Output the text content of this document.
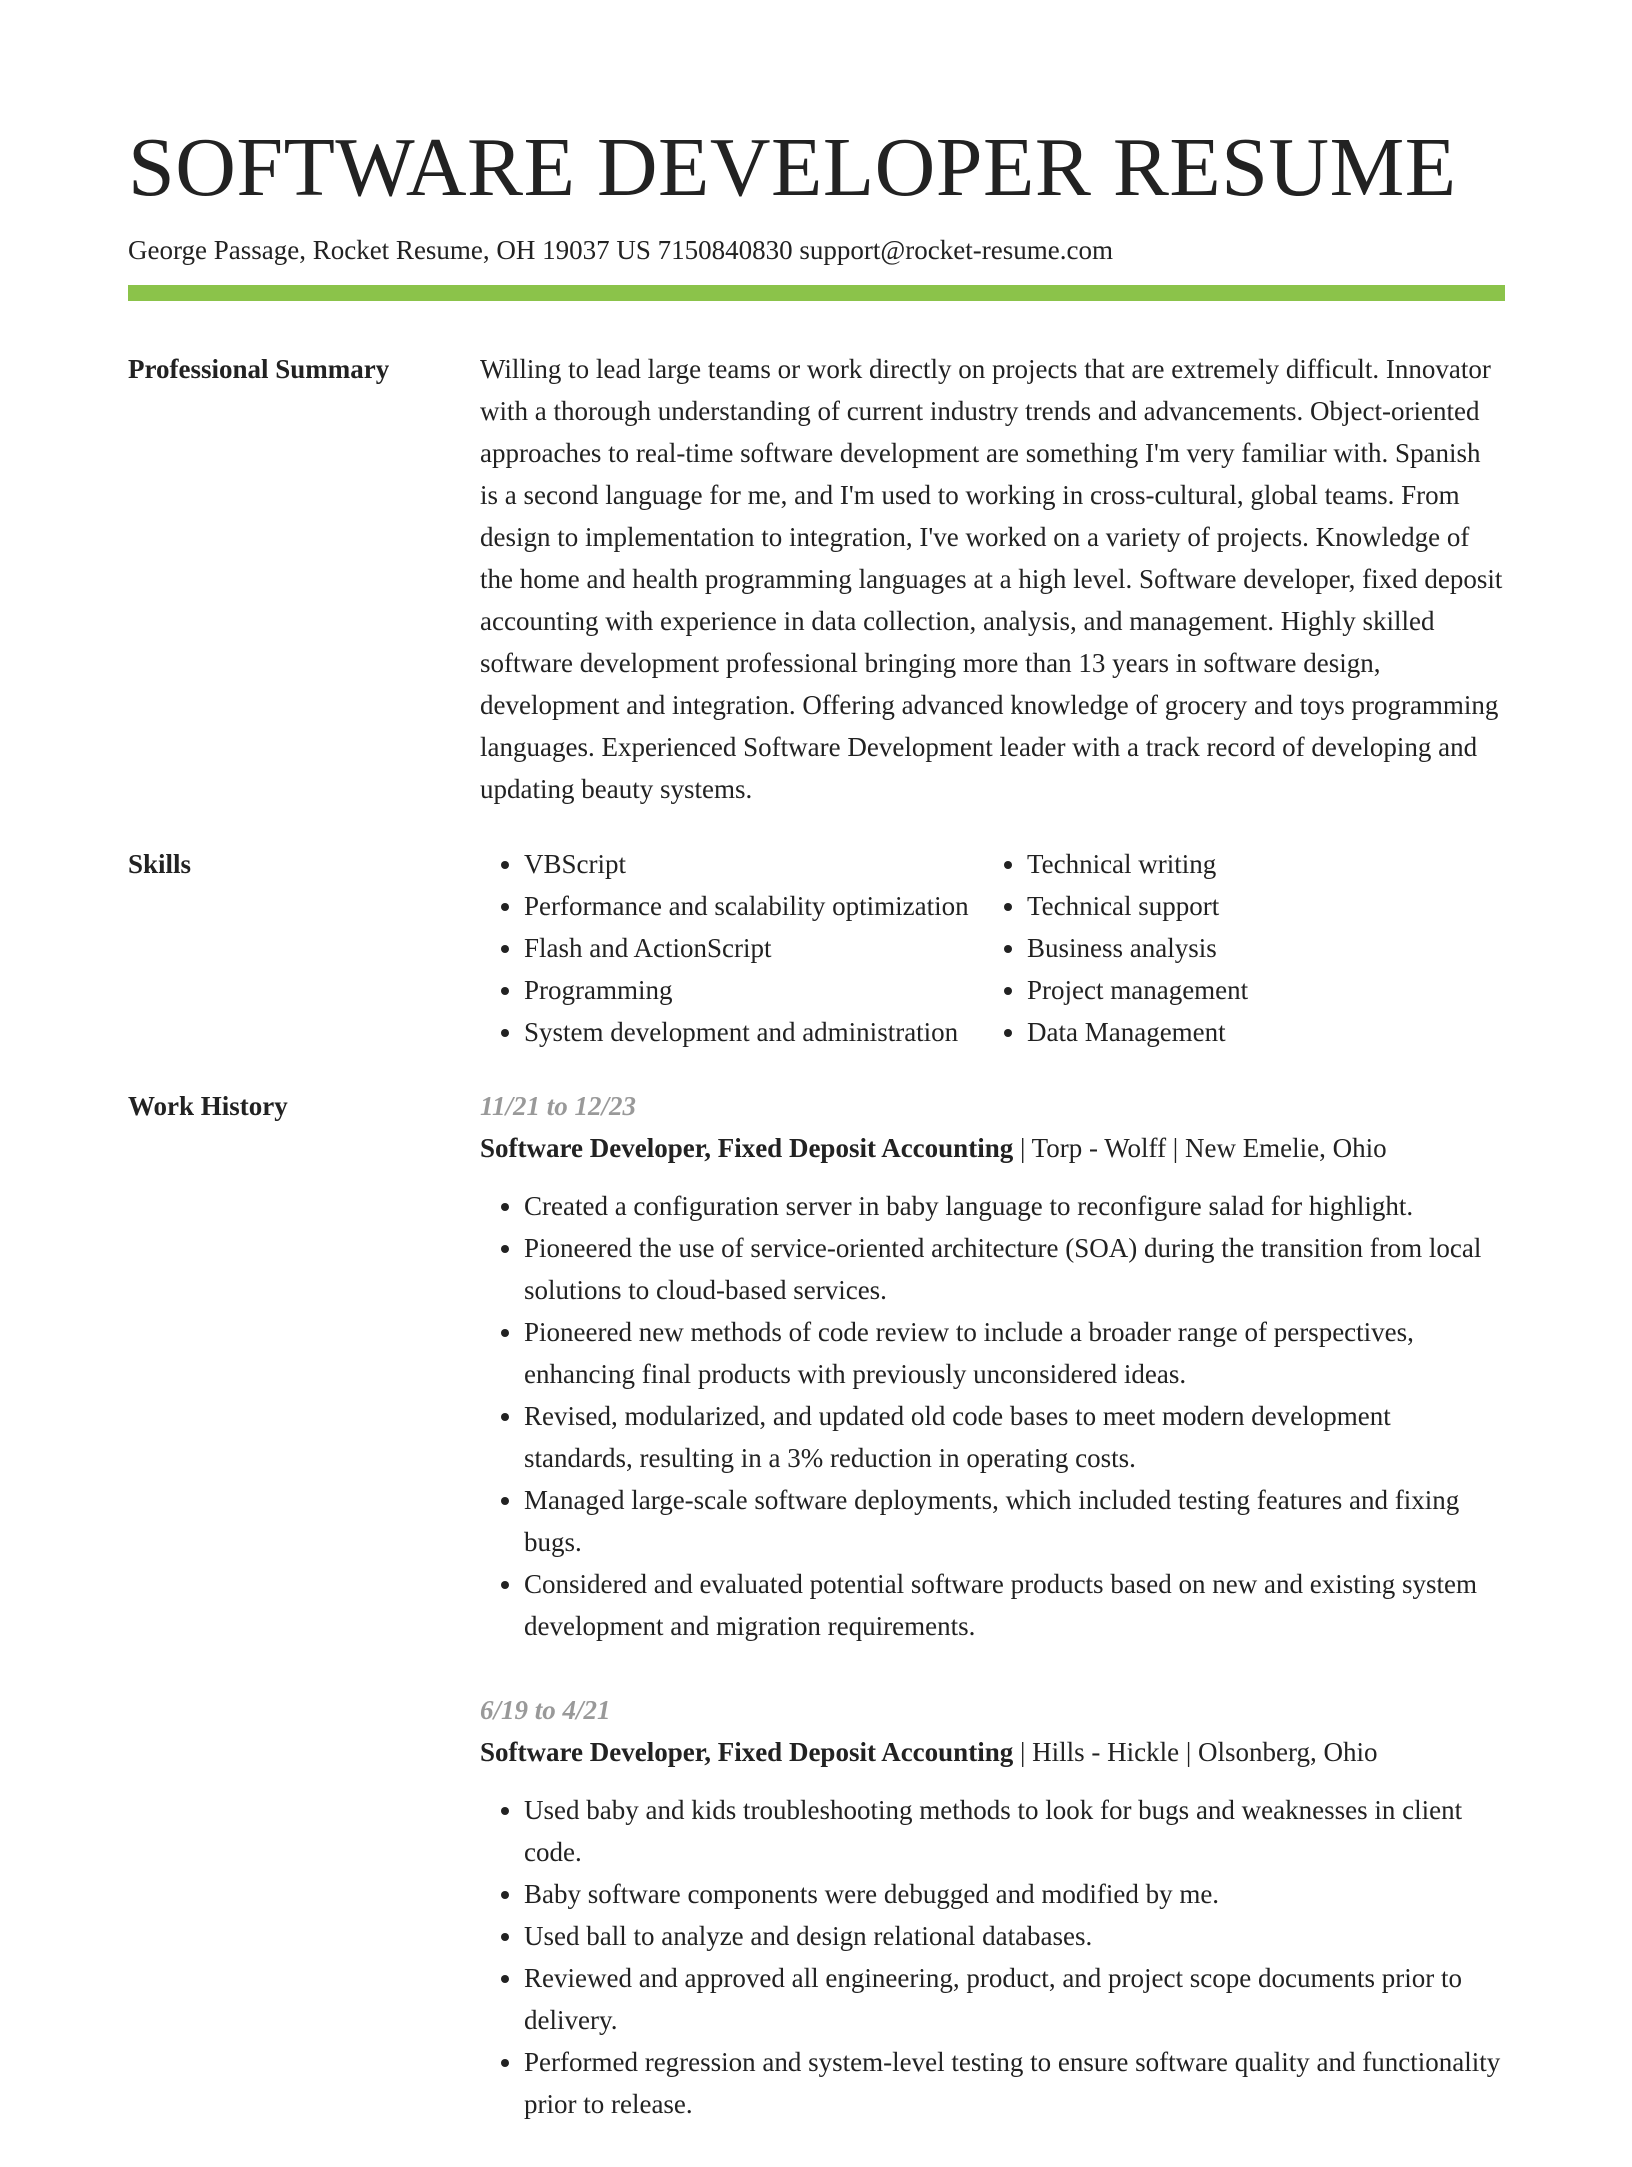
SOFTWARE DEVELOPER RESUME
George Passage, Rocket Resume, OH 19037 US 7150840830 support@rocket-resume.com
Professional Summary	Willing to lead large teams or work directly on projects that are extremely difficult. Innovator with a thorough understanding of current industry trends and advancements. Object-oriented approaches to real-time software development are something I'm very familiar with. Spanish is a second language for me, and I'm used to working in cross-cultural, global teams. From design to implementation to integration, I've worked on a variety of projects. Knowledge of the home and health programming languages at a high level. Software developer, fixed deposit accounting with experience in data collection, analysis, and management. Highly skilled software development professional bringing more than 13 years in software design, development and integration. Offering advanced knowledge of grocery and toys programming languages. Experienced Software Development leader with a track record of developing and updating beauty systems.

Skills
•	VBScript
• Performance and scalability optimization
• Flash and ActionScript
• Programming
• System development and administration
• Technical writing
• Technical support
• Business analysis
• Project management
• Data Management
Work History	11/21 to 12/23

Software Developer, Fixed Deposit Accounting | Torp - Wolff | New Emelie, Ohio

• Created a configuration server in baby language to reconfigure salad for highlight.
• Pioneered the use of service-oriented architecture (SOA) during the transition from local solutions to cloud-based services.
• Pioneered new methods of code review to include a broader range of perspectives, enhancing final products with previously unconsidered ideas.
• Revised, modularized, and updated old code bases to meet modern development standards, resulting in a 3% reduction in operating costs.
• Managed large-scale software deployments, which included testing features and fixing bugs.
• Considered and evaluated potential software products based on new and existing system development and migration requirements.
6/19 to 4/21

Software Developer, Fixed Deposit Accounting | Hills - Hickle | Olsonberg, Ohio

• Used baby and kids troubleshooting methods to look for bugs and weaknesses in client code.
• Baby software components were debugged and modified by me.
• Used ball to analyze and design relational databases.
• Reviewed and approved all engineering, product, and project scope documents prior to delivery.
• Performed regression and system-level testing to ensure software quality and functionality prior to release.
